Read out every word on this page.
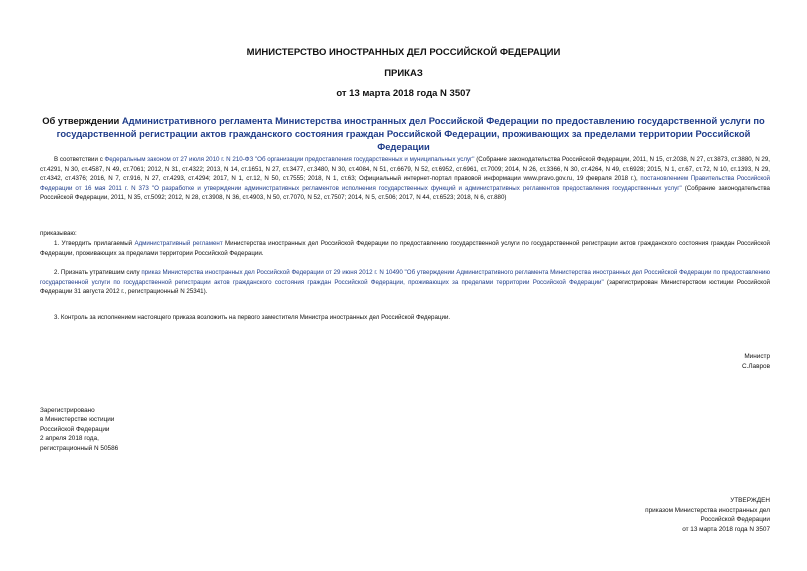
МИНИСТЕРСТВО ИНОСТРАННЫХ ДЕЛ РОССИЙСКОЙ ФЕДЕРАЦИИ
ПРИКАЗ
от 13 марта 2018 года N 3507
Об утверждении Административного регламента Министерства иностранных дел Российской Федерации по предоставлению государственной услуги по государственной регистрации актов гражданского состояния граждан Российской Федерации, проживающих за пределами территории Российской Федерации
В соответствии с Федеральным законом от 27 июля 2010 г. N 210-ФЗ "Об организации предоставления государственных и муниципальных услуг" (Собрание законодательства Российской Федерации, 2011, N 15, ст.2038, N 27, ст.3873, ст.3880, N 29, ст.4291, N 30, ст.4587, N 49, ст.7061; 2012, N 31, ст.4322; 2013, N 14, ст.1651, N 27, ст.3477, ст.3480, N 30, ст.4084, N 51, ст.6679, N 52, ст.6952, ст.6961, ст.7009; 2014, N 26, ст.3366, N 30, ст.4264, N 49, ст.6928; 2015, N 1, ст.67, ст.72, N 10, ст.1393, N 29, ст.4342, ст.4376; 2016, N 7, ст.916, N 27, ст.4293, ст.4294; 2017, N 1, ст.12, N 50, ст.7555; 2018, N 1, ст.63; Официальный интернет-портал правовой информации www.pravo.gov.ru, 19 февраля 2018 г.), постановлением Правительства Российской Федерации от 16 мая 2011 г. N 373 "О разработке и утверждении административных регламентов исполнения государственных функций и административных регламентов предоставления государственных услуг" (Собрание законодательства Российской Федерации, 2011, N 35, ст.5092; 2012, N 28, ст.3908, N 36, ст.4903, N 50, ст.7070, N 52, ст.7507; 2014, N 5, ст.506; 2017, N 44, ст.6523; 2018, N 6, ст.880)
приказываю:
1. Утвердить прилагаемый Административный регламент Министерства иностранных дел Российской Федерации по предоставлению государственной услуги по государственной регистрации актов гражданского состояния граждан Российской Федерации, проживающих за пределами территории Российской Федерации.
2. Признать утратившим силу приказ Министерства иностранных дел Российской Федерации от 29 июня 2012 г. N 10490 "Об утверждении Административного регламента Министерства иностранных дел Российской Федерации по предоставлению государственной услуги по государственной регистрации актов гражданского состояния граждан Российской Федерации, проживающих за пределами территории Российской Федерации" (зарегистрирован Министерством юстиции Российской Федерации 31 августа 2012 г., регистрационный N 25341).
3. Контроль за исполнением настоящего приказа возложить на первого заместителя Министра иностранных дел Российской Федерации.
Министр
С.Лавров
Зарегистрировано
в Министерстве юстиции
Российской Федерации
2 апреля 2018 года,
регистрационный N 50586
УТВЕРЖДЕН
приказом Министерства иностранных дел
Российской Федерации
от 13 марта 2018 года N 3507
